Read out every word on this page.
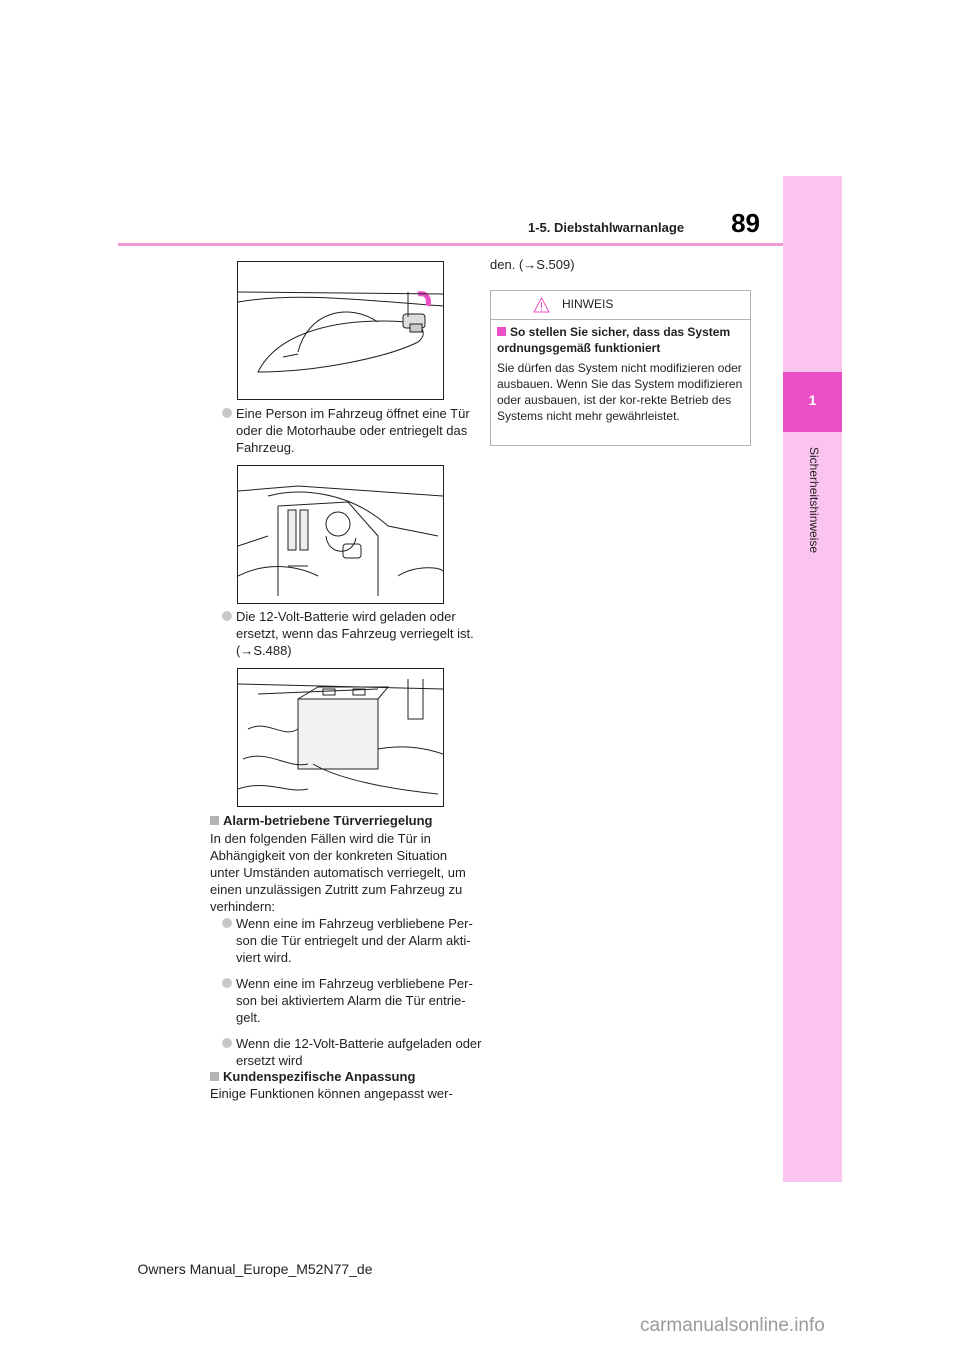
89
1-5. Diebstahlwarnanlage
1
Sicherheitshinweise
Eine Person im Fahrzeug öffnet eine Tür oder die Motorhaube oder entriegelt das Fahrzeug.
Die 12-Volt-Batterie wird geladen oder ersetzt, wenn das Fahrzeug verriegelt ist. (→S.488)
Alarm-betriebene Türverriegelung
In den folgenden Fällen wird die Tür in Abhängigkeit von der konkreten Situation unter Umständen automatisch verriegelt, um einen unzulässigen Zutritt zum Fahrzeug zu verhindern:
Wenn eine im Fahrzeug verbliebene Per-son die Tür entriegelt und der Alarm akti-viert wird.
Wenn eine im Fahrzeug verbliebene Per-son bei aktiviertem Alarm die Tür entrie-gelt.
Wenn die 12-Volt-Batterie aufgeladen oder ersetzt wird
Kundenspezifische Anpassung
Einige Funktionen können angepasst wer-
den. (→S.509)
HINWEIS
So stellen Sie sicher, dass das System ordnungsgemäß funktioniert
Sie dürfen das System nicht modifizieren oder ausbauen. Wenn Sie das System modifizieren oder ausbauen, ist der kor-rekte Betrieb des Systems nicht mehr gewährleistet.
Owners Manual_Europe_M52N77_de
carmanualsonline.info
